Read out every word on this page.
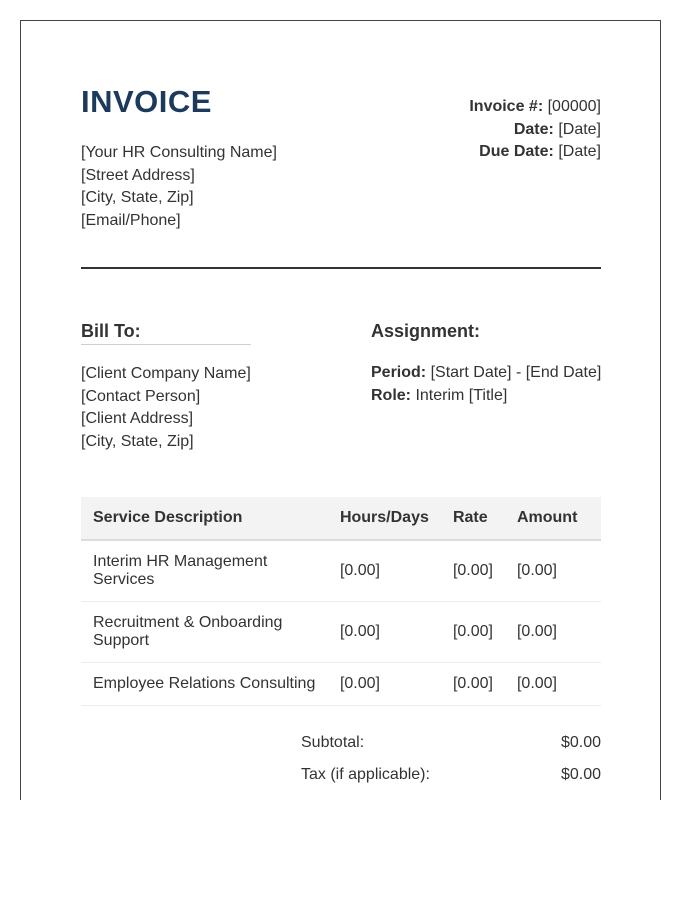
INVOICE
[Your HR Consulting Name]
[Street Address]
[City, State, Zip]
[Email/Phone]
Invoice #: [00000]
Date: [Date]
Due Date: [Date]
Bill To:
[Client Company Name]
[Contact Person]
[Client Address]
[City, State, Zip]
Assignment:
Period: [Start Date] - [End Date]
Role: Interim [Title]
Service Description	Hours/Days	Rate	Amount
Interim HR Management Services	[0.00]	[0.00]	[0.00]
Recruitment & Onboarding Support	[0.00]	[0.00]	[0.00]
Employee Relations Consulting	[0.00]	[0.00]	[0.00]
Subtotal:	$0.00
Tax (if applicable):	$0.00
